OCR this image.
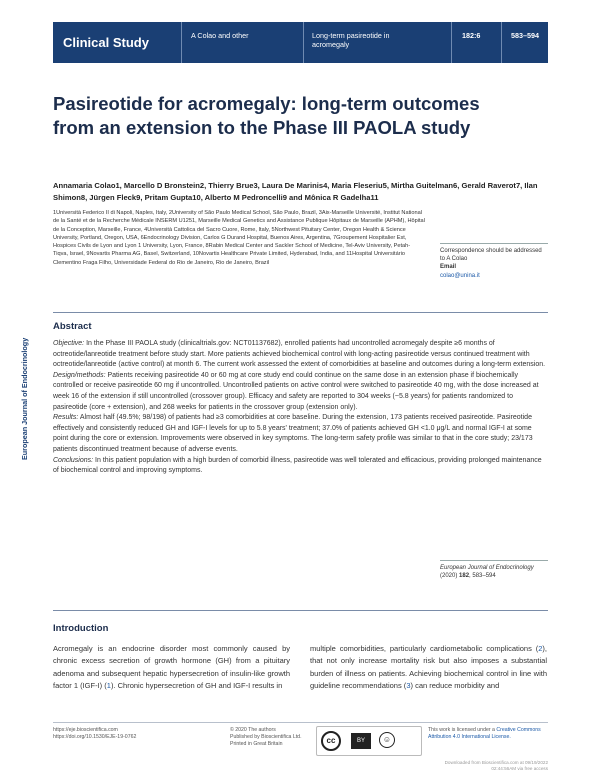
Clinical Study	A Colao and other	Long-term pasireotide in acromegaly
182:6	583–594
European Journal of Endocrinology
Pasireotide for acromegaly: long-term outcomes from an extension to the Phase III PAOLA study
Annamaria Colao1, Marcello D Bronstein2, Thierry Brue3, Laura De Marinis4, Maria Fleseriu5, Mirtha Guitelman6, Gerald Raverot7, Ilan Shimon8, Jürgen Fleck9, Pritam Gupta10, Alberto M Pedroncelli9 and Mônica R Gadelha11
1Università Federico II di Napoli, Naples, Italy, 2University of São Paulo Medical School, São Paulo, Brazil, 3Aix-Marseille Université, Institut National de la Santé et de la Recherche Médicale INSERM U1251, Marseille Medical Genetics and Assistance Publique Hôpitaux de Marseille (APHM), Hôpital de la Conception, Marseille, France, 4Università Cattolica del Sacro Cuore, Rome, Italy, 5Northwest Pituitary Center, Oregon Health & Science University, Portland, Oregon, USA, 6Endocrinology Division, Carlos G Durand Hospital, Buenos Aires, Argentina, 7Groupement Hospitalier Est, Hospices Civils de Lyon and Lyon 1 University, Lyon, France, 8Rabin Medical Center and Sackler School of Medicine, Tel-Aviv University, Petah-Tiqva, Israel, 9Novartis Pharma AG, Basel, Switzerland, 10Novartis Healthcare Private Limited, Hyderabad, India, and 11Hospital Universitário Clementino Fraga Filho, Universidade Federal do Rio de Janeiro, Rio de Janeiro, Brazil
Correspondence should be addressed to A Colao
Email
colao@unina.it
Abstract

Objective: In the Phase III PAOLA study (clinicaltrials.gov: NCT01137682), enrolled patients had uncontrolled acromegaly despite ≥6 months of octreotide/lanreotide treatment before study start. More patients achieved biochemical control with long-acting pasireotide versus continued treatment with octreotide/lanreotide (active control) at month 6. The current work assessed the extent of comorbidities at baseline and outcomes during a long-term extension.

Design/methods: Patients receiving pasireotide 40 or 60 mg at core study end could continue on the same dose in an extension phase if biochemically controlled or receive pasireotide 60 mg if uncontrolled. Uncontrolled patients on active control were switched to pasireotide 40 mg, with the dose increased at week 16 of the extension if still uncontrolled (crossover group). Efficacy and safety are reported to 304 weeks (~5.8 years) for patients randomized to pasireotide (core + extension), and 268 weeks for patients in the crossover group (extension only).

Results: Almost half (49.5%; 98/198) of patients had ≥3 comorbidities at core baseline. During the extension, 173 patients received pasireotide. Pasireotide effectively and consistently reduced GH and IGF-I levels for up to 5.8 years' treatment; 37.0% of patients achieved GH <1.0 μg/L and normal IGF-I at some point during the core or extension. Improvements were observed in key symptoms. The long-term safety profile was similar to that in the core study; 23/173 patients discontinued treatment because of adverse events.

Conclusions: In this patient population with a high burden of comorbid illness, pasireotide was well tolerated and efficacious, providing prolonged maintenance of biochemical control and improving symptoms.

European Journal of Endocrinology
(2020) 182, 583–594
Introduction
Acromegaly is an endocrine disorder most commonly caused by chronic excess secretion of growth hormone (GH) from a pituitary adenoma and subsequent hepatic hypersecretion of insulin-like growth factor 1 (IGF-I) (1). Chronic hypersecretion of GH and IGF-I results in
multiple comorbidities, particularly cardiometabolic complications (2), that not only increase mortality risk but also imposes a substantial burden of illness on patients. Achieving biochemical control in line with guideline recommendations (3) can reduce morbidity and
https://eje.bioscientifica.com
https://doi.org/10.1530/EJE-19-0762
© 2020 The authors
Published by Bioscientifica Ltd.
Printed in Great Britain	cc	☺
BY
This work is licensed under a Creative Commons Attribution 4.0 International License.
Downloaded from Bioscientifica.com at 09/19/2022 02:44:56AM via free access
